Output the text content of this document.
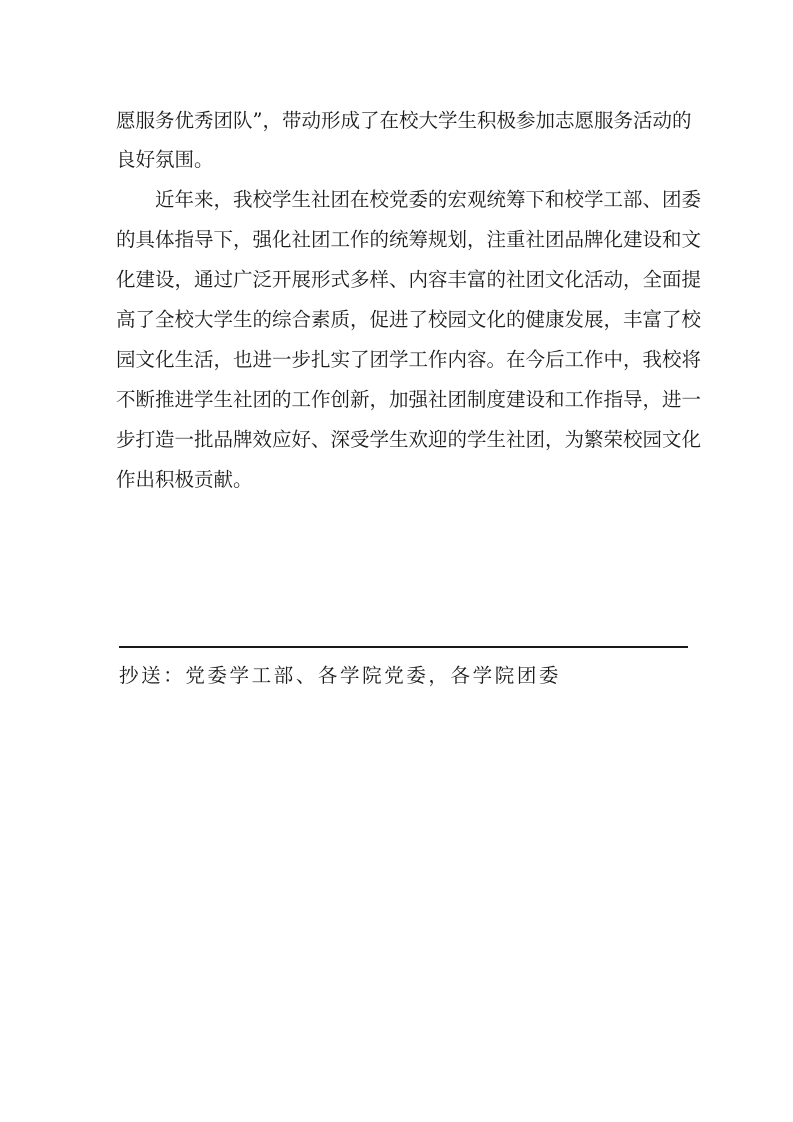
愿服务优秀团队”，带动形成了在校大学生积极参加志愿服务活动的
良好氛围。
近年来，我校学生社团在校党委的宏观统筹下和校学工部、团委
的具体指导下，强化社团工作的统筹规划，注重社团品牌化建设和文
化建设，通过广泛开展形式多样、内容丰富的社团文化活动，全面提
高了全校大学生的综合素质，促进了校园文化的健康发展，丰富了校
园文化生活，也进一步扎实了团学工作内容。在今后工作中，我校将
不断推进学生社团的工作创新，加强社团制度建设和工作指导，进一
步打造一批品牌效应好、深受学生欢迎的学生社团，为繁荣校园文化
作出积极贡献。
抄送：党委学工部、各学院党委，各学院团委
